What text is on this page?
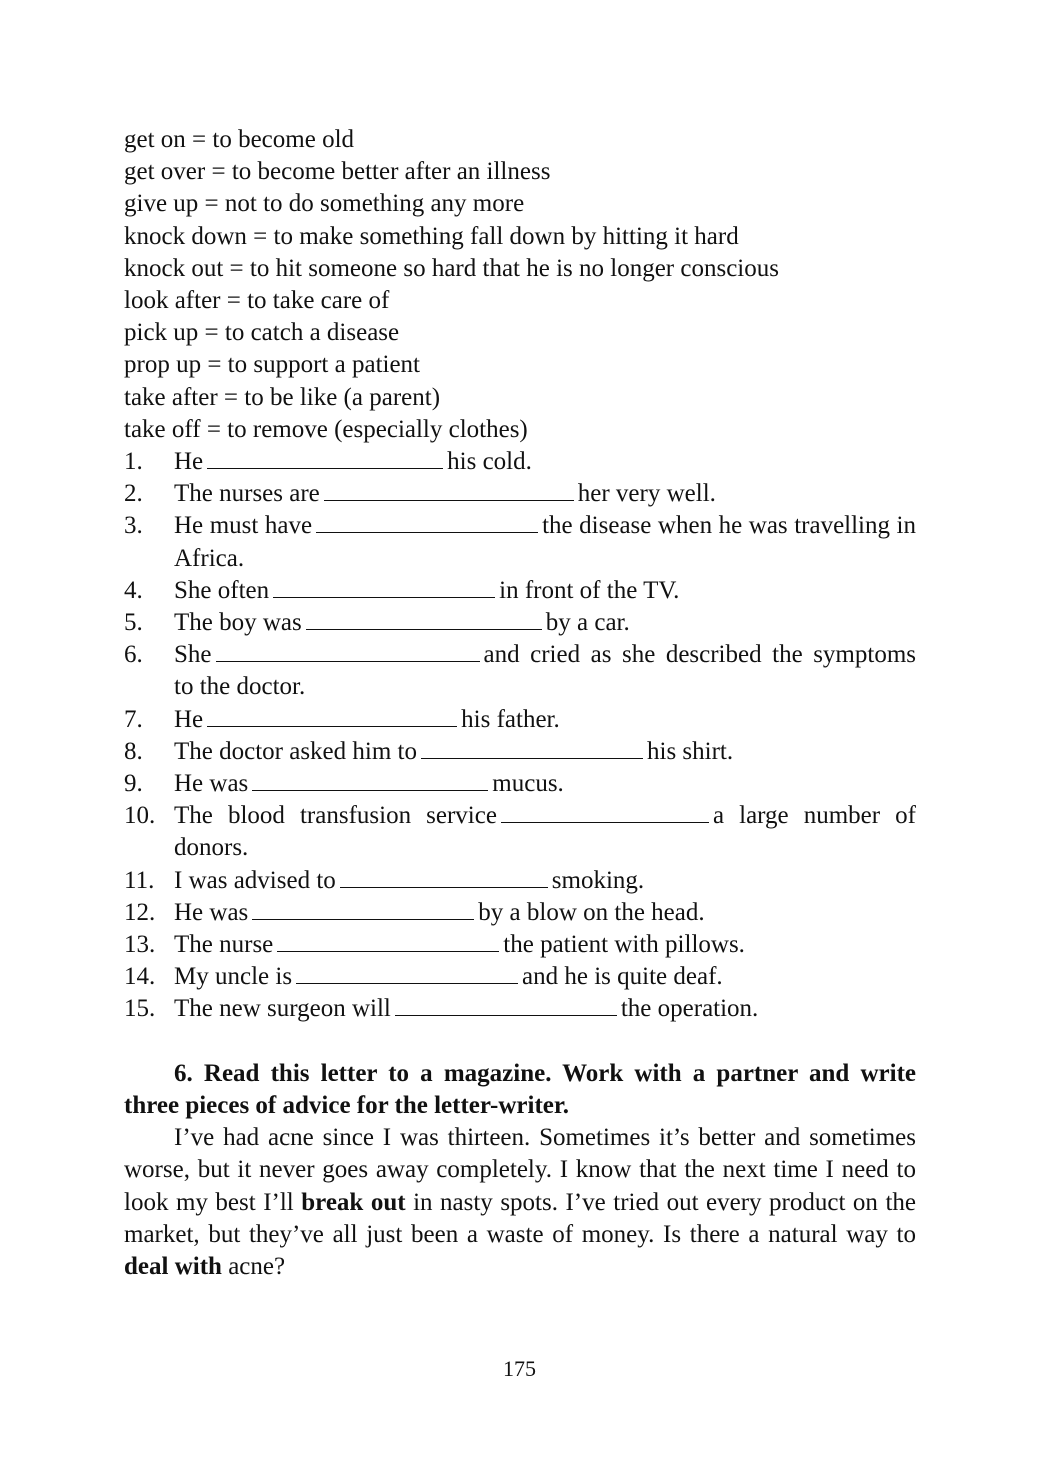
get on = to become old
get over = to become better after an illness
give up = not to do something any more
knock down = to make something fall down by hitting it hard
knock out = to hit someone so hard that he is no longer conscious
look after = to take care of
pick up = to catch a disease
prop up = to support a patient
take after = to be like (a parent)
take off = to remove (especially clothes)
1.	He	his cold.
2.	The nurses are	her very well.
3.	He must have	the disease when he was travelling in Africa.
4.	She often	in front of the TV.
5.	The boy was	by a car.
6.	She	and cried as she described the symptoms to the doctor.
7.	He	his father.
8.	The doctor asked him to	his shirt.
9.	He was	mucus.
10. The blood transfusion service	a large number of donors.
11. I was advised to	smoking.
12. He was	by a blow on the head.
13. The nurse	the patient with pillows.
14. My uncle is	and he is quite deaf.
15. The new surgeon will	the operation.
6. Read this letter to a magazine. Work with a partner and write three pieces of advice for the letter-writer.
I’ve had acne since I was thirteen. Sometimes it’s better and sometimes worse, but it never goes away completely. I know that the next time I need to look my best I’ll break out in nasty spots. I’ve tried out every product on the market, but they’ve all just been a waste of money. Is there a natural way to deal with acne?
175
